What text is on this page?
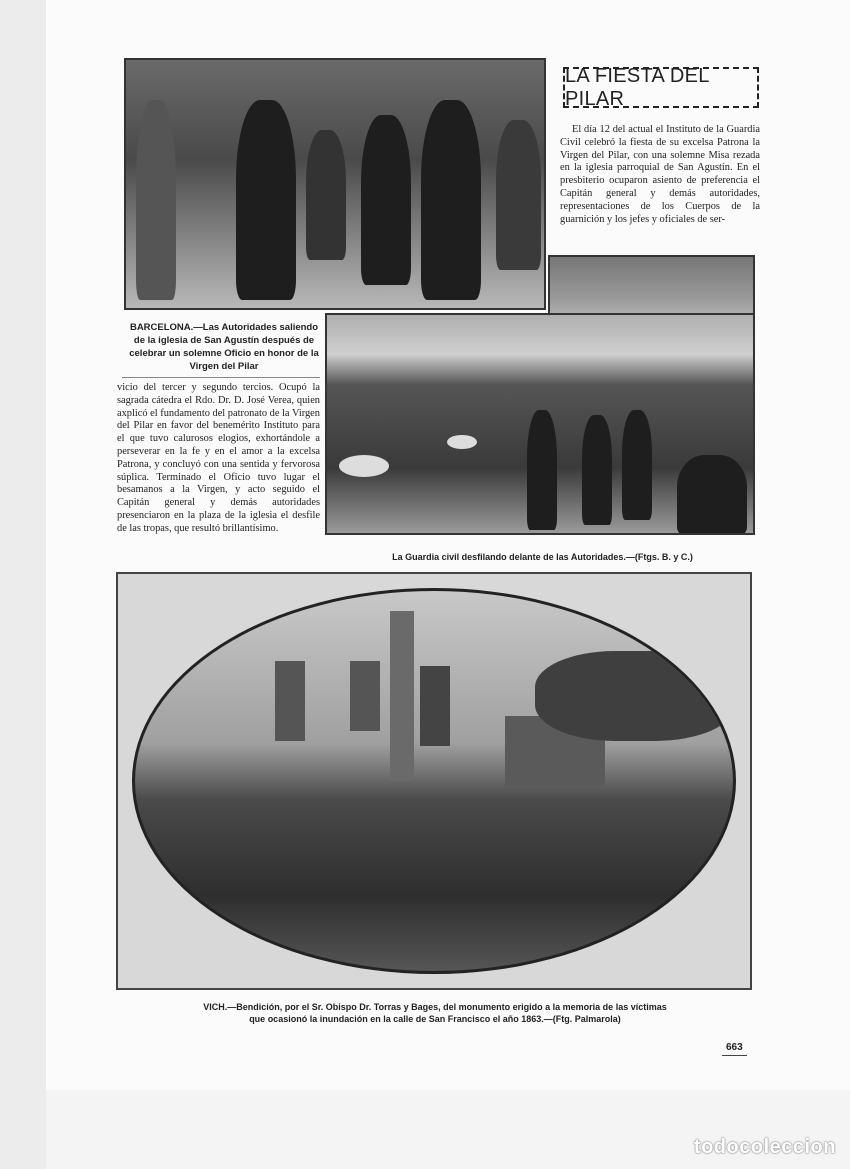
LA FIESTA DEL PILAR

El día 12 del actual el Instituto de la Guardia Civil celebró la fiesta de su excelsa Patrona la Virgen del Pilar, con una solemne Misa rezada en la iglesia parroquial de San Agustín. En el presbiterio ocuparon asiento de preferencia el Capitán general y demás autoridades, representaciones de los Cuerpos de la guarnición y los jefes y oficiales de ser-

BARCELONA.—Las Autoridades saliendo de la iglesia de San Agustín después de celebrar un solemne Oficio en honor de la Virgen del Pilar

vicio del tercer y segundo tercios. Ocupó la sagrada cátedra el Rdo. Dr. D. José Verea, quien axplicó el fundamento del patronato de la Virgen del Pilar en favor del benemérito Instituto para el que tuvo calurosos elogios, exhortándole a perseverar en la fe y en el amor a la excelsa Patrona, y concluyó con una sentida y fervorosa súplica. Terminado el Oficio tuvo lugar el besamanos a la Virgen, y acto seguido el Capitán general y demás autoridades presenciaron en la plaza de la iglesia el desfile de las tropas, que resultó brillantísimo.

La Guardia civil desfilando delante de las Autoridades.—(Ftgs. B. y C.)
VICH.—Bendición, por el Sr. Obispo Dr. Torras y Bages, del monumento erigido a la memoria de las víctimas
que ocasionó la inundación en la calle de San Francisco el año 1863.—(Ftg. Palmarola)
663
todocoleccion
